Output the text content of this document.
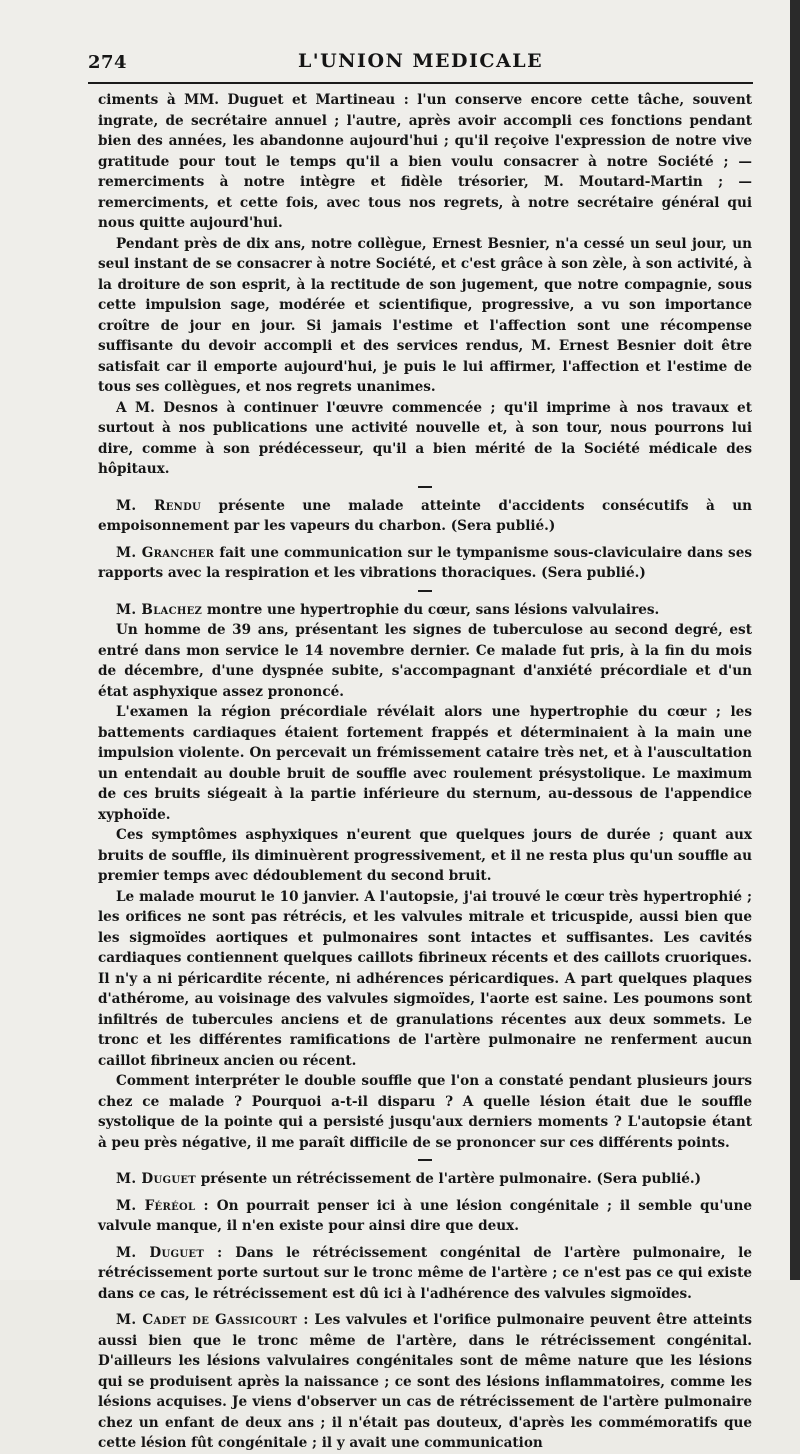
274	L'UNION MEDICALE

ciments à MM. Duguet et Martineau : l'un conserve encore cette tâche, souvent ingrate, de secrétaire annuel ; l'autre, après avoir accompli ces fonctions pendant bien des années, les abandonne aujourd'hui ; qu'il reçoive l'expression de notre vive gratitude pour tout le temps qu'il a bien voulu consacrer à notre Société ; — remerciments à notre intègre et fidèle trésorier, M. Moutard-Martin ; — remerciments, et cette fois, avec tous nos regrets, à notre secrétaire général qui nous quitte aujourd'hui.

Pendant près de dix ans, notre collègue, Ernest Besnier, n'a cessé un seul jour, un seul instant de se consacrer à notre Société, et c'est grâce à son zèle, à son activité, à la droiture de son esprit, à la rectitude de son jugement, que notre compagnie, sous cette impulsion sage, modérée et scientifique, progressive, a vu son importance croître de jour en jour. Si jamais l'estime et l'affection sont une récompense suffisante du devoir accompli et des services rendus, M. Ernest Besnier doit être satisfait car il emporte aujourd'hui, je puis le lui affirmer, l'affection et l'estime de tous ses collègues, et nos regrets unanimes.

A M. Desnos à continuer l'œuvre commencée ; qu'il imprime à nos travaux et surtout à nos publications une activité nouvelle et, à son tour, nous pourrons lui dire, comme à son prédécesseur, qu'il a bien mérité de la Société médicale des hôpitaux.

M. Rendu présente une malade atteinte d'accidents consécutifs à un empoisonnement par les vapeurs du charbon. (Sera publié.)

M. Grancher fait une communication sur le tympanisme sous-claviculaire dans ses rapports avec la respiration et les vibrations thoraciques. (Sera publié.)

M. Blachez montre une hypertrophie du cœur, sans lésions valvulaires.

Un homme de 39 ans, présentant les signes de tuberculose au second degré, est entré dans mon service le 14 novembre dernier. Ce malade fut pris, à la fin du mois de décembre, d'une dyspnée subite, s'accompagnant d'anxiété précordiale et d'un état asphyxique assez prononcé.

L'examen la région précordiale révélait alors une hypertrophie du cœur ; les battements cardiaques étaient fortement frappés et déterminaient à la main une impulsion violente. On percevait un frémissement cataire très net, et à l'auscultation un entendait au double bruit de souffle avec roulement présystolique. Le maximum de ces bruits siégeait à la partie inférieure du sternum, au-dessous de l'appendice xyphoïde.

Ces symptômes asphyxiques n'eurent que quelques jours de durée ; quant aux bruits de souffle, ils diminuèrent progressivement, et il ne resta plus qu'un souffle au premier temps avec dédoublement du second bruit.

Le malade mourut le 10 janvier. A l'autopsie, j'ai trouvé le cœur très hypertrophié ; les orifices ne sont pas rétrécis, et les valvules mitrale et tricuspide, aussi bien que les sigmoïdes aortiques et pulmonaires sont intactes et suffisantes. Les cavités cardiaques contiennent quelques caillots fibrineux récents et des caillots cruoriques. Il n'y a ni péricardite récente, ni adhérences péricardiques. A part quelques plaques d'athérome, au voisinage des valvules sigmoïdes, l'aorte est saine. Les poumons sont infiltrés de tubercules anciens et de granulations récentes aux deux sommets. Le tronc et les différentes ramifications de l'artère pulmonaire ne renferment aucun caillot fibrineux ancien ou récent.

Comment interpréter le double souffle que l'on a constaté pendant plusieurs jours chez ce malade ? Pourquoi a-t-il disparu ? A quelle lésion était due le souffle systolique de la pointe qui a persisté jusqu'aux derniers moments ? L'autopsie étant à peu près négative, il me paraît difficile de se prononcer sur ces différents points.

M. Duguet présente un rétrécissement de l'artère pulmonaire. (Sera publié.)

M. Féréol : On pourrait penser ici à une lésion congénitale ; il semble qu'une valvule manque, il n'en existe pour ainsi dire que deux.

M. Duguet : Dans le rétrécissement congénital de l'artère pulmonaire, le rétrécissement porte surtout sur le tronc même de l'artère ; ce n'est pas ce qui existe dans ce cas, le rétrécissement est dû ici à l'adhérence des valvules sigmoïdes.

M. Cadet de Gassicourt : Les valvules et l'orifice pulmonaire peuvent être atteints aussi bien que le tronc même de l'artère, dans le rétrécissement congénital. D'ailleurs les lésions valvulaires congénitales sont de même nature que les lésions qui se produisent après la naissance ; ce sont des lésions inflammatoires, comme les lésions acquises. Je viens d'observer un cas de rétrécissement de l'artère pulmonaire chez un enfant de deux ans ; il n'était pas douteux, d'après les commémoratifs que cette lésion fût congénitale ; il y avait une communication
